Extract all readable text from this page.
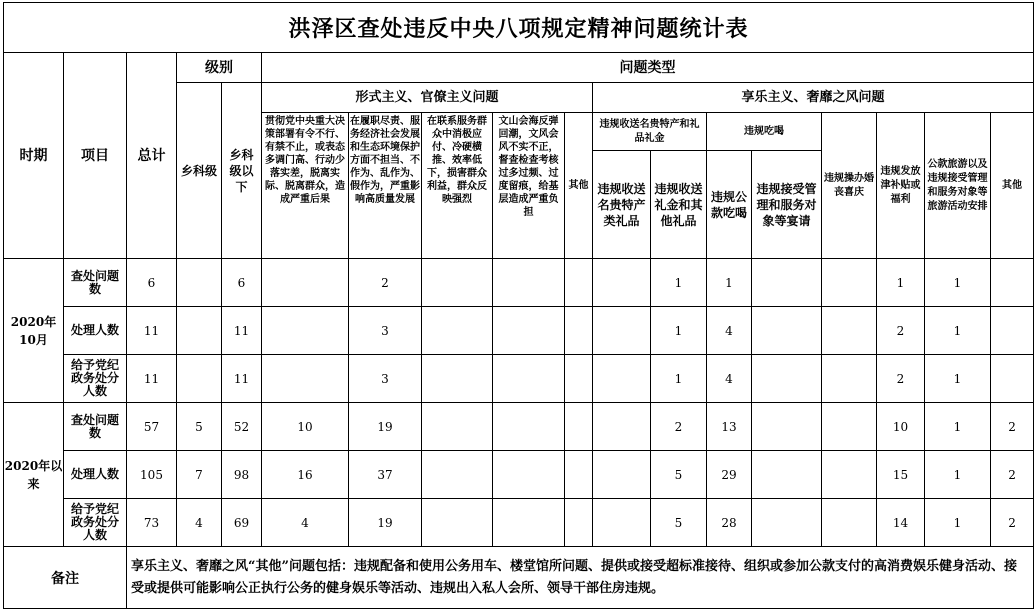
洪泽区查处违反中央八项规定精神问题统计表																	
时期	项目	总计	级别		问题类型												
			乡科级	乡科级以下	形式主义、官僚主义问题					享乐主义、奢靡之风问题							
					贯彻党中央重大决策部署有令不行、有禁不止，或表态多调门高、行动少落实差，脱离实际、脱离群众，造成严重后果	在履职尽责、服务经济社会发展和生态环境保护方面不担当、不作为、乱作为、假作为，严重影响高质量发展	在联系服务群众中消极应付、冷硬横推、效率低下，损害群众利益，群众反映强烈	文山会海反弹回潮，文风会风不实不正，督查检查考核过多过频、过度留痕，给基层造成严重负担	其他	违规收送名贵特产和礼品礼金		违规吃喝		违规操办婚丧喜庆	违规发放津补贴或福利	公款旅游以及违规接受管理和服务对象等旅游活动安排	其他
										违规收送名贵特产类礼品	违规收送礼金和其他礼品	违规公款吃喝	违规接受管理和服务对象等宴请				

2020年10月	查处问题数	6		6		2					1	1			1	1	
	处理人数	11		11		3					1	4			2	1	
	给予党纪政务处分人数	11		11		3					1	4			2	1	
2020年以来	查处问题数	57	5	52	10	19					2	13			10	1	2
	处理人数	105	7	98	16	37					5	29			15	1	2
	给予党纪政务处分人数	73	4	69	4	19					5	28			14	1	2
备注		享乐主义、奢靡之风“其他”问题包括：违规配备和使用公务用车、楼堂馆所问题、提供或接受超标准接待、组织或参加公款支付的高消费娱乐健身活动、接受或提供可能影响公正执行公务的健身娱乐等活动、违规出入私人会所、领导干部住房违规。															
